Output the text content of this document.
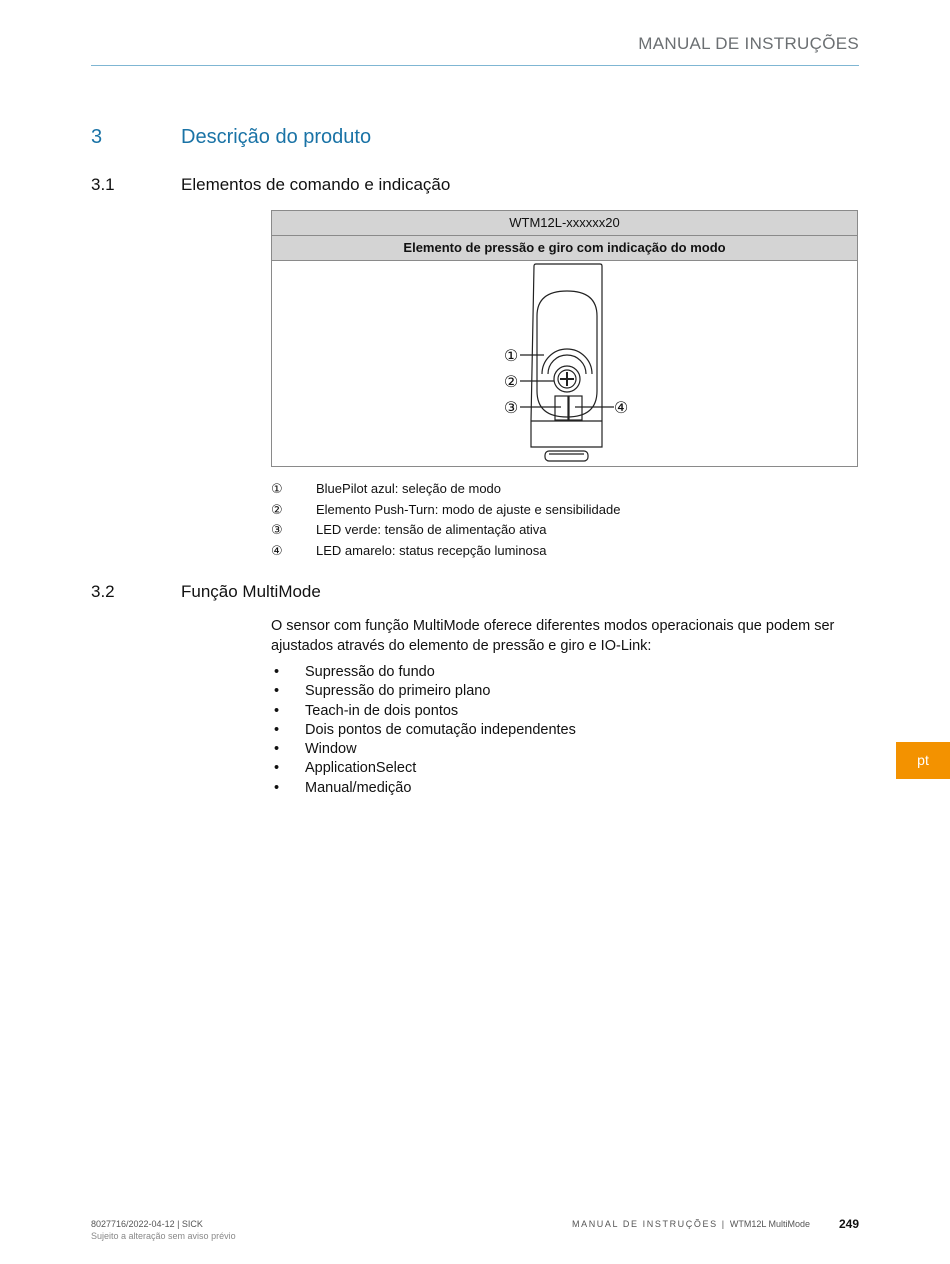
MANUAL DE INSTRUÇÕES
3	Descrição do produto
3.1	Elementos de comando e indicação
WTM12L-xxxxxx20
Elemento de pressão e giro com indicação do modo
①
②
③	④
①	BluePilot azul: seleção de modo
②	Elemento Push-Turn: modo de ajuste e sensibilidade
③	LED verde: tensão de alimentação ativa
④	LED amarelo: status recepção luminosa
3.2	Função MultiMode
O sensor com função MultiMode oferece diferentes modos operacionais que podem ser ajustados através do elemento de pressão e giro e IO-Link:
•	Supressão do fundo
•	Supressão do primeiro plano
•	Teach-in de dois pontos
•	Dois pontos de comutação independentes
•	Window
•	ApplicationSelect
•	Manual/medição
pt
8027716/2022-04-12 | SICK
Sujeito a alteração sem aviso prévio
MANUAL DE INSTRUÇÕES | WTM12L MultiMode 249
